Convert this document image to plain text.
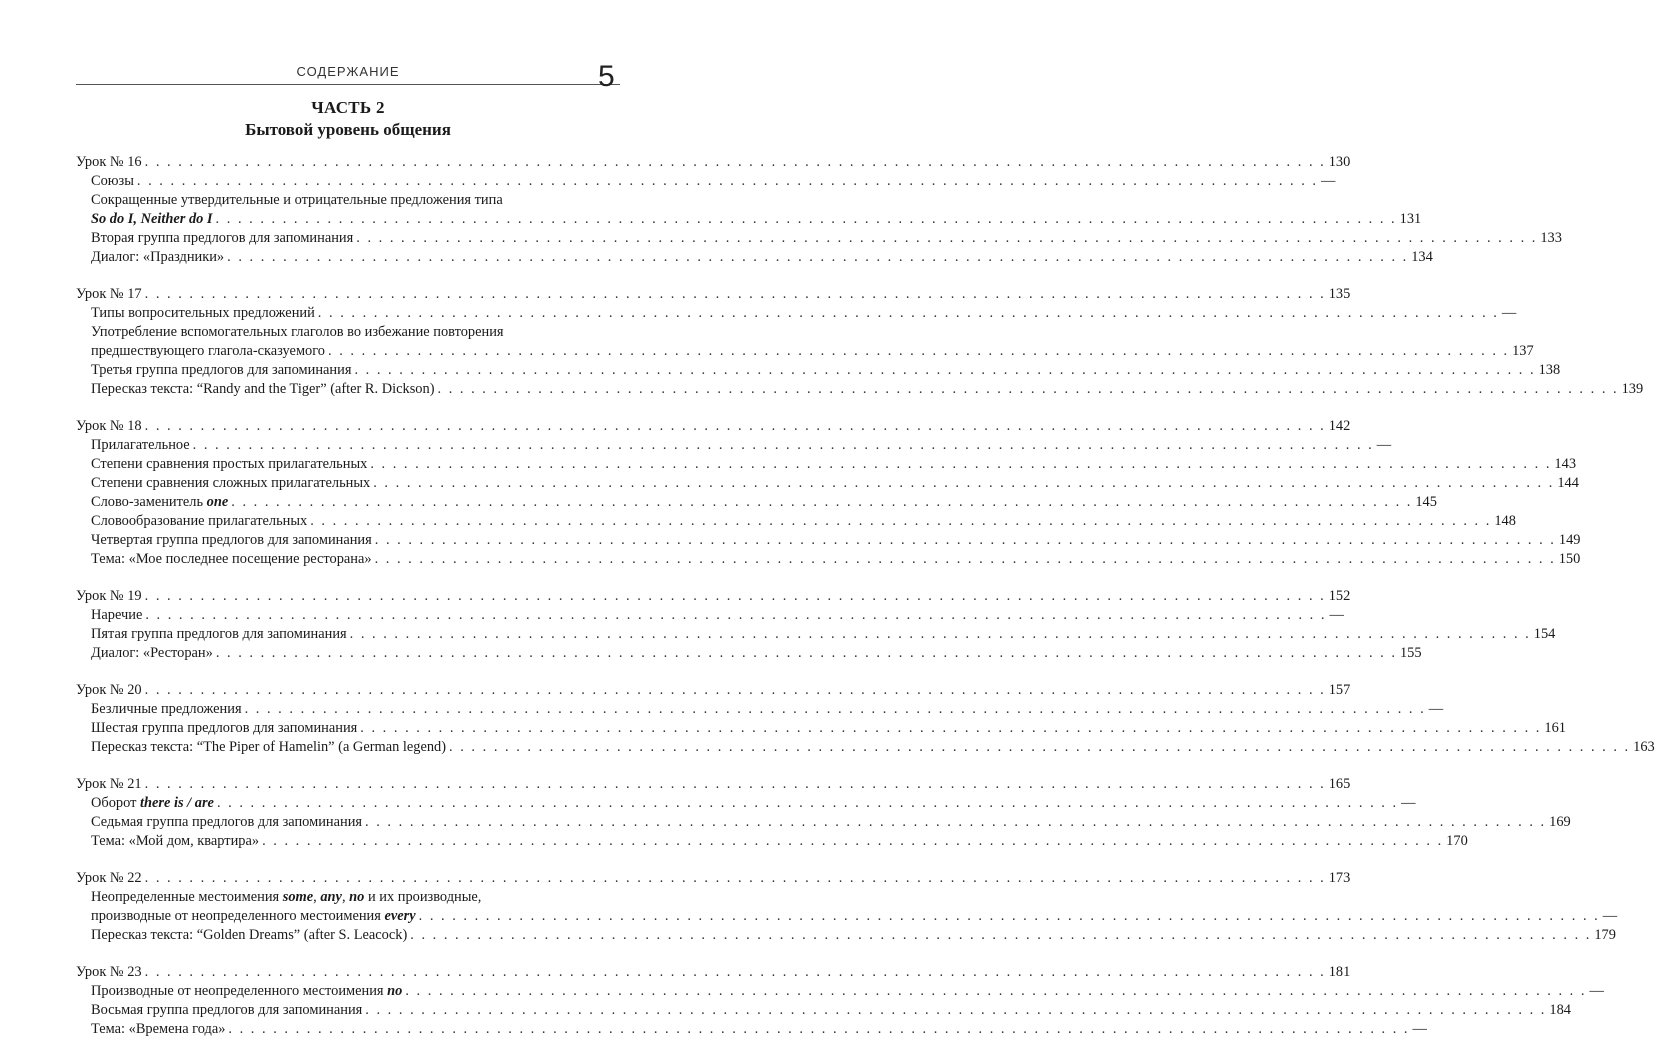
СОДЕРЖАНИЕ	5
ЧАСТЬ 2
Бытовой уровень общения
Урок № 16 . . .	130
Союзы . . .	—
Сокращенные утвердительные и отрицательные предложения типа
So do I, Neither do I . . .	131
Вторая группа предлогов для запоминания . . .	133
Диалог: «Праздники» . . .	134
Урок № 17 . . .	135
Типы вопросительных предложений . . .	—
Употребление вспомогательных глаголов во избежание повторения
предшествующего глагола-сказуемого . . .	137
Третья группа предлогов для запоминания . . .	138
Пересказ текста: “Randy and the Tiger” (after R. Dickson) . . .	139
Урок № 18 . . .	142
Прилагательное . . .	—
Степени сравнения простых прилагательных . . .	143
Степени сравнения сложных прилагательных . . .	144
Слово-заменитель one . . .	145
Словообразование прилагательных . . .	148
Четвертая группа предлогов для запоминания . . .	149
Тема: «Мое последнее посещение ресторана» . . .	150
Урок № 19 . . .	152
Наречие . . .	—
Пятая группа предлогов для запоминания . . .	154
Диалог: «Ресторан» . . .	155
Урок № 20 . . .	157
Безличные предложения . . .	—
Шестая группа предлогов для запоминания . . .	161
Пересказ текста: “The Piper of Hamelin” (a German legend) . . .	163
Урок № 21 . . .	165
Оборот there is / are . . .	—
Седьмая группа предлогов для запоминания . . .	169
Тема: «Мой дом, квартира» . . .	170
Урок № 22 . . .	173
Неопределенные местоимения some, any, no и их производные,
производные от неопределенного местоимения every . . .	—
Пересказ текста: “Golden Dreams” (after S. Leacock) . . .	179
Урок № 23 . . .	181
Производные от неопределенного местоимения no . . .	—
Восьмая группа предлогов для запоминания . . .	184
Тема: «Времена года» . . .	—
